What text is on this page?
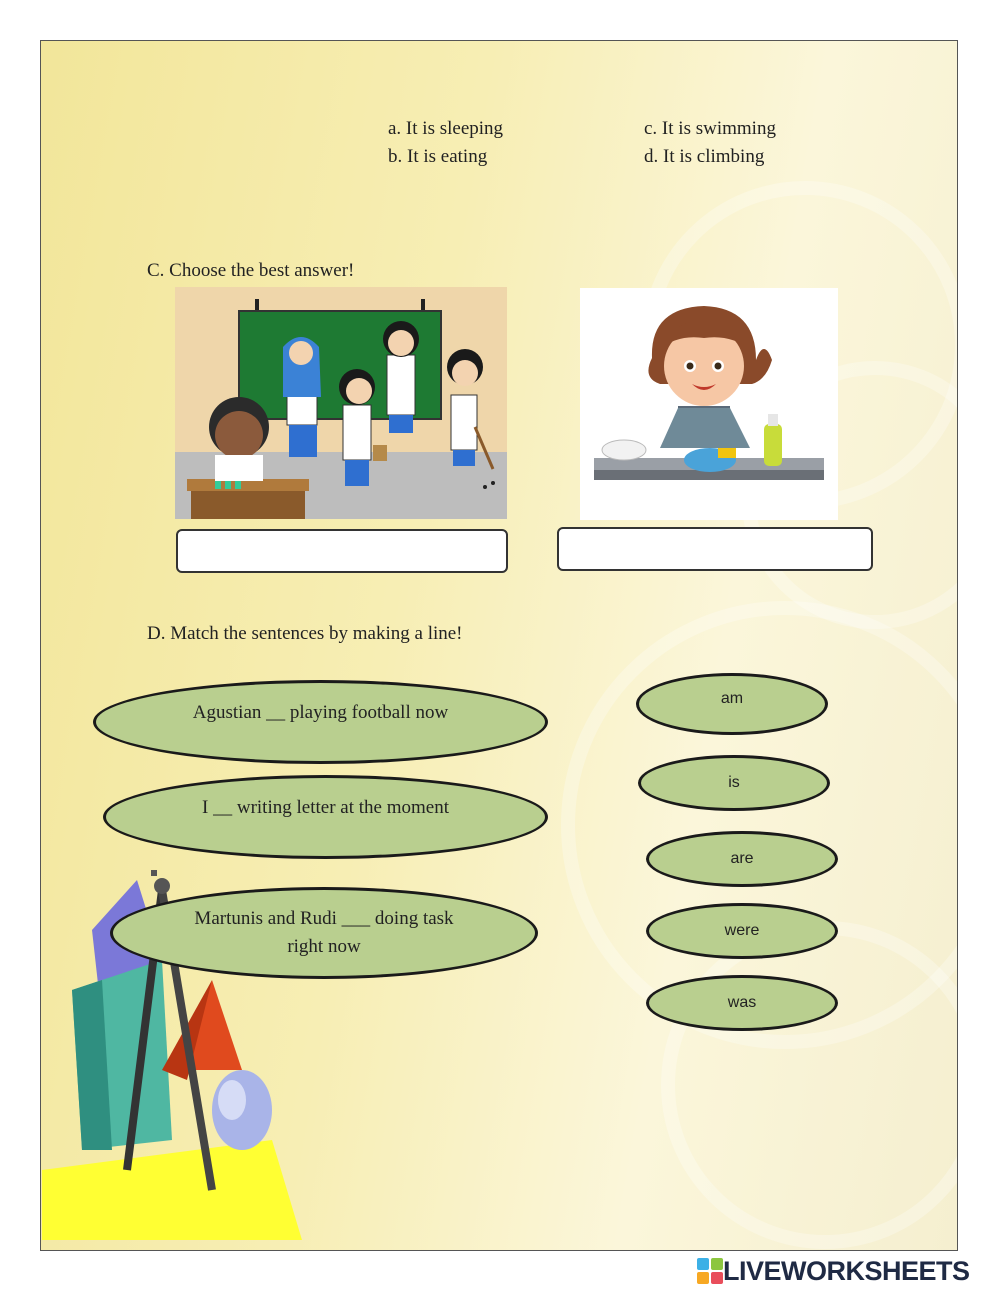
a. It is sleeping
b. It is eating
c. It is swimming
d. It is climbing
C. Choose the best answer!
D. Match the sentences by making a line!
Agustian __ playing football now
I __ writing letter at the moment
Martunis and Rudi ___ doing task right now
am
is
are
were
was
LIVEWORKSHEETS
